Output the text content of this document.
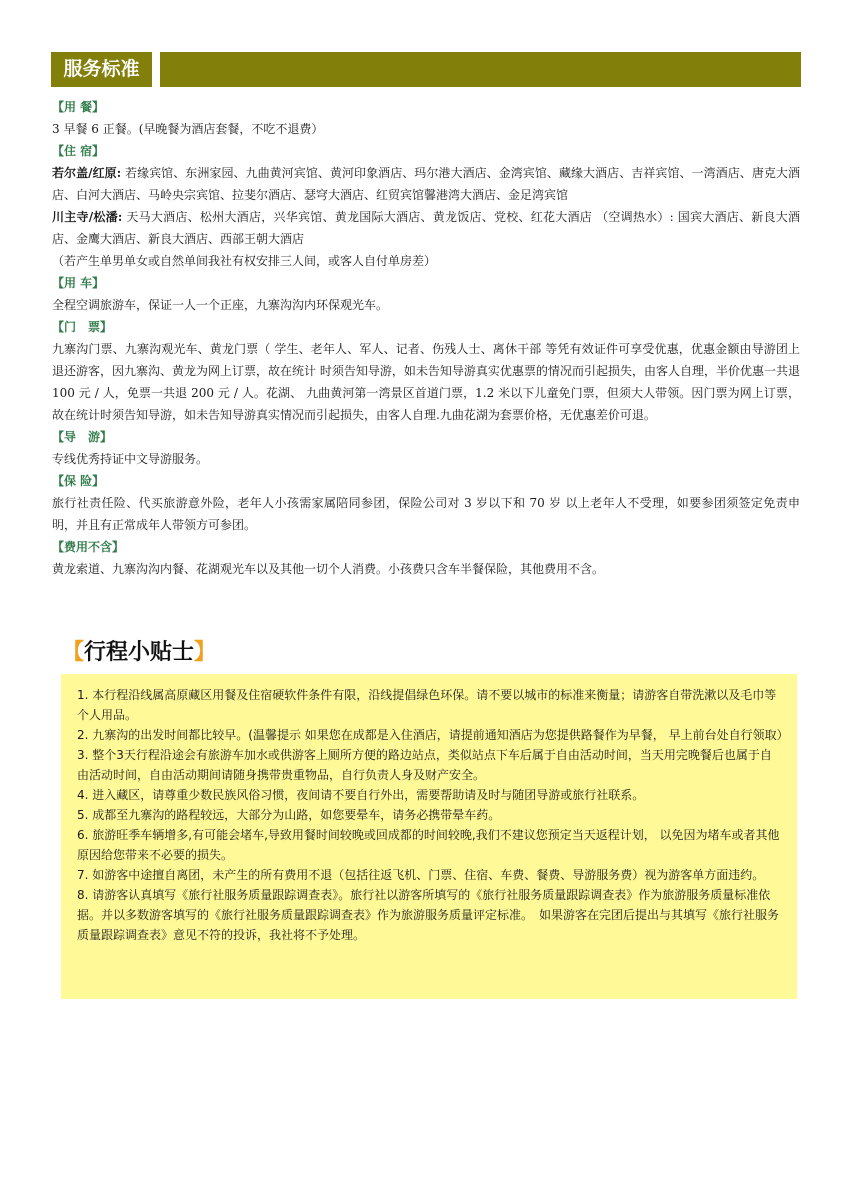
服务标准
【用 餐】

3 早餐 6 正餐。(早晚餐为酒店套餐，不吃不退费）

【住 宿】

若尔盖/红原: 若缘宾馆、东洲家园、九曲黄河宾馆、黄河印象酒店、玛尔港大酒店、金湾宾馆、藏缘大酒店、吉祥宾馆、一湾酒店、唐克大酒店、白河大酒店、马岭央宗宾馆、拉斐尔酒店、瑟穹大酒店、红贸宾馆馨港湾大酒店、金足湾宾馆

川主寺/松潘: 天马大酒店、松州大酒店，兴华宾馆、黄龙国际大酒店、黄龙饭店、党校、红花大酒店 （空调热水）: 国宾大酒店、新良大酒店、金鹰大酒店、新良大酒店、西部王朝大酒店

（若产生单男单女或自然单间我社有权安排三人间，或客人自付单房差）

【用 车】

全程空调旅游车，保证一人一个正座，九寨沟沟内环保观光车。

【门　票】

九寨沟门票、九寨沟观光车、黄龙门票（ 学生、老年人、军人、记者、伤残人士、离休干部 等凭有效证件可享受优惠，优惠金额由导游团上退还游客，因九寨沟、黄龙为网上订票，故在统计 时须告知导游，如未告知导游真实优惠票的情况而引起损失，由客人自理，半价优惠一共退 100 元 / 人，免票一共退 200 元 / 人。花湖、 九曲黄河第一湾景区首道门票，1.2 米以下儿童免门票，但须大人带领。因门票为网上订票，故在统计时须告知导游，如未告知导游真实情况而引起损失，由客人自理.九曲花湖为套票价格，无优惠差价可退。

【导　游】

专线优秀持证中文导游服务。

【保 险】

旅行社责任险、代买旅游意外险，老年人小孩需家属陪同参团，保险公司对 3 岁以下和 70 岁 以上老年人不受理，如要参团须签定免责申明，并且有正常成年人带领方可参团。

【费用不含】

黄龙索道、九寨沟沟内餐、花湖观光车以及其他一切个人消费。小孩费只含车半餐保险，其他费用不含。

【行程小贴士】

1. 本行程沿线属高原藏区用餐及住宿硬软件条件有限，沿线提倡绿色环保。请不要以城市的标准来衡量；请游客自带洗漱以及毛巾等个人用品。

2. 九寨沟的出发时间都比较早。(温馨提示 如果您在成都是入住酒店，请提前通知酒店为您提供路餐作为早餐， 早上前台处自行领取）

3. 整个3天行程沿途会有旅游车加水或供游客上厕所方便的路边站点，类似站点下车后属于自由活动时间，当天用完晚餐后也属于自由活动时间，自由活动期间请随身携带贵重物品，自行负责人身及财产安全。

4. 进入藏区，请尊重少数民族风俗习惯，夜间请不要自行外出，需要帮助请及时与随团导游或旅行社联系。

5. 成都至九寨沟的路程较远，大部分为山路，如您要晕车，请务必携带晕车药。

6. 旅游旺季车辆增多,有可能会堵车,导致用餐时间较晚或回成都的时间较晚,我们不建议您预定当天返程计划， 以免因为堵车或者其他原因给您带来不必要的损失。

7. 如游客中途擅自离团，未产生的所有费用不退（包括往返飞机、门票、住宿、车费、餐费、导游服务费）视为游客单方面违约。

8. 请游客认真填写《旅行社服务质量跟踪调查表》。旅行社以游客所填写的《旅行社服务质量跟踪调查表》作为旅游服务质量标准依据。并以多数游客填写的《旅行社服务质量跟踪调查表》作为旅游服务质量评定标准。　如果游客在完团后提出与其填写《旅行社服务质量跟踪调查表》意见不符的投诉，我社将不予处理。
